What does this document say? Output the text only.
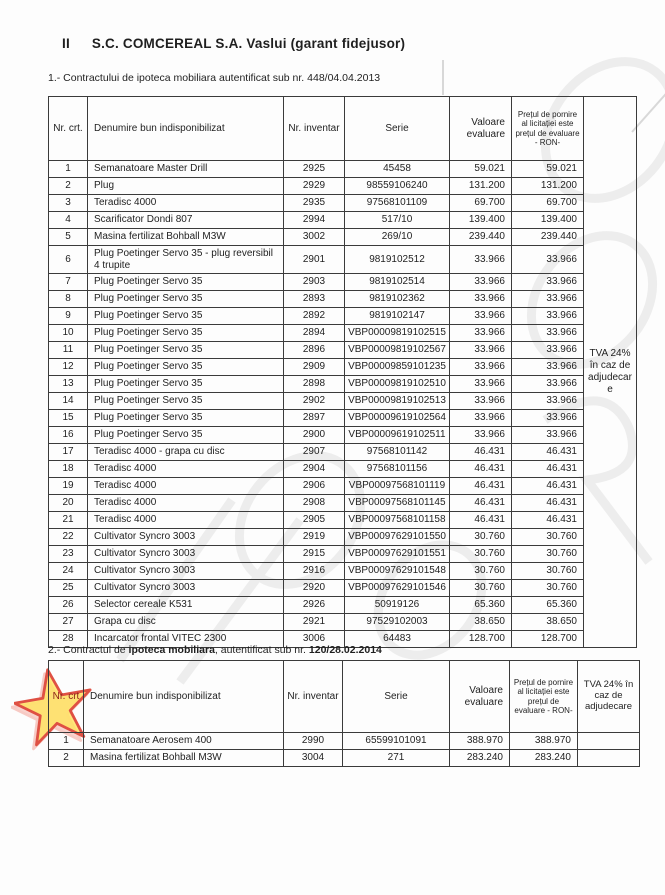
II S.C. COMCEREAL S.A. Vaslui (garant fidejusor)
1.- Contractului de ipoteca mobiliara autentificat sub nr. 448/04.04.2013
Nr. crt.	Denumire bun indisponibilizat	Nr. inventar	Serie	Valoare evaluare	Prețul de pornire al licitației este prețul de evaluare - RON-
1	Semanatoare Master Drill	2925	45458	59.021	59.021
2	Plug	2929	98559106240	131.200	131.200
3	Teradisc 4000	2935	97568101109	69.700	69.700
4	Scarificator Dondi 807	2994	517/10	139.400	139.400
5	Masina fertilizat Bohball M3W	3002	269/10	239.440	239.440
6	Plug Poetinger Servo 35 - plug reversibil 4 trupite	2901	9819102512	33.966	33.966
7	Plug Poetinger Servo 35	2903	9819102514	33.966	33.966
8	Plug Poetinger Servo 35	2893	9819102362	33.966	33.966
9	Plug Poetinger Servo 35	2892	9819102147	33.966	33.966
10	Plug Poetinger Servo 35	2894	VBP00009819102515	33.966	33.966
11	Plug Poetinger Servo 35	2896	VBP00009819102567	33.966	33.966
12	Plug Poetinger Servo 35	2909	VBP00009859101235	33.966	33.966
13	Plug Poetinger Servo 35	2898	VBP00009819102510	33.966	33.966
14	Plug Poetinger Servo 35	2902	VBP00009819102513	33.966	33.966
15	Plug Poetinger Servo 35	2897	VBP00009619102564	33.966	33.966
16	Plug Poetinger Servo 35	2900	VBP00009619102511	33.966	33.966
17	Teradisc 4000 - grapa cu disc	2907	97568101142	46.431	46.431
18	Teradisc 4000	2904	97568101156	46.431	46.431
19	Teradisc 4000	2906	VBP00097568101119	46.431	46.431
20	Teradisc 4000	2908	VBP00097568101145	46.431	46.431
21	Teradisc 4000	2905	VBP00097568101158	46.431	46.431
22	Cultivator Syncro 3003	2919	VBP00097629101550	30.760	30.760
23	Cultivator Syncro 3003	2915	VBP00097629101551	30.760	30.760
24	Cultivator Syncro 3003	2916	VBP00097629101548	30.760	30.760
25	Cultivator Syncro 3003	2920	VBP00097629101546	30.760	30.760
26	Selector cereale K531	2926	50919126	65.360	65.360
27	Grapa cu disc	2921	97529102003	38.650	38.650
28	Incarcator frontal VITEC 2300	3006	64483	128.700	128.700
TVA 24% în caz de adjudecare
2.- Contractul de ipoteca mobiliara, autentificat sub nr. 120/28.02.2014
Nr. crt	Denumire bun indisponibilizat	Nr. inventar	Serie	Valoare evaluare	Prețul de pornire al licitației este prețul de evaluare - RON-	TVA 24% în caz de adjudecare
1	Semanatoare Aerosem 400	2990	65599101091	388.970	388.970	
2	Masina fertilizat Bohball M3W	3004	271	283.240	283.240	
